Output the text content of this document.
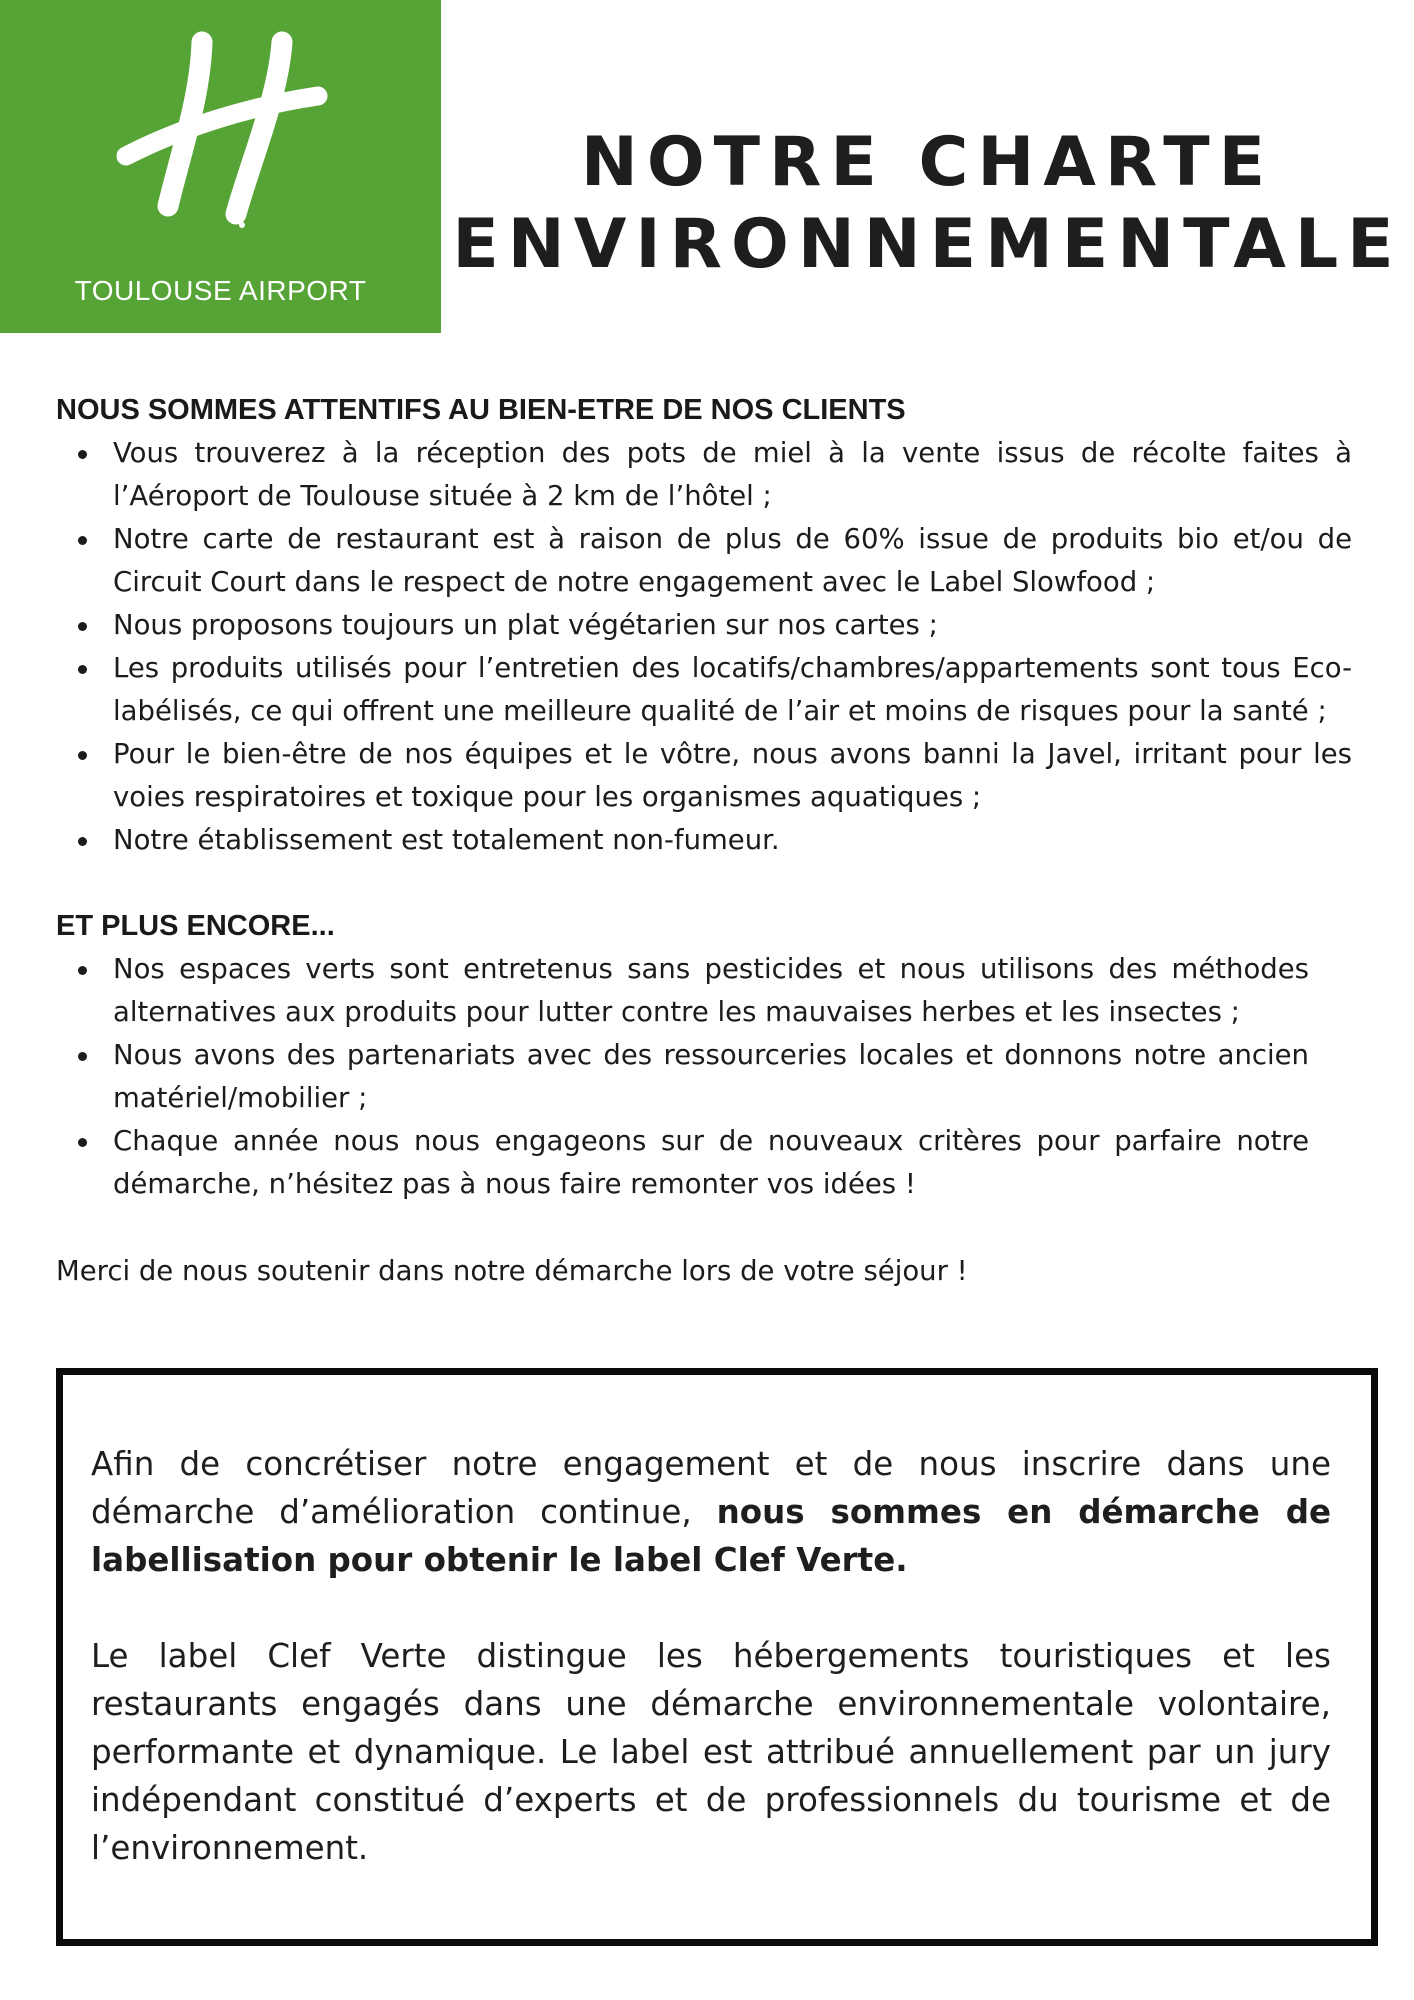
TOULOUSE AIRPORT
NOTRE CHARTE
ENVIRONNEMENTALE
NOUS SOMMES ATTENTIFS AU BIEN-ETRE DE NOS CLIENTS
Vous trouverez à la réception des pots de miel à la vente issus de récolte faites à l’Aéroport de Toulouse située à 2 km de l’hôtel ;
Notre carte de restaurant est à raison de plus de 60% issue de produits bio et/ou de Circuit Court dans le respect de notre engagement avec le Label Slowfood ;
Nous proposons toujours un plat végétarien sur nos cartes ;
Les produits utilisés pour l’entretien des locatifs/chambres/appartements sont tous Eco-labélisés, ce qui offrent une meilleure qualité de l’air et moins de risques pour la santé ;
Pour le bien-être de nos équipes et le vôtre, nous avons banni la Javel, irritant pour les voies respiratoires et toxique pour les organismes aquatiques ;
Notre établissement est totalement non-fumeur.
ET PLUS ENCORE...
Nos espaces verts sont entretenus sans pesticides et nous utilisons des méthodes alternatives aux produits pour lutter contre les mauvaises herbes et les insectes ;
Nous avons des partenariats avec des ressourceries locales et donnons notre ancien matériel/mobilier ;
Chaque année nous nous engageons sur de nouveaux critères pour parfaire notre démarche, n’hésitez pas à nous faire remonter vos idées !
Merci de nous soutenir dans notre démarche lors de votre séjour !

Afin de concrétiser notre engagement et de nous inscrire dans une démarche d’amélioration continue, nous sommes en démarche de labellisation pour obtenir le label Clef Verte.

Le label Clef Verte distingue les hébergements touristiques et les restaurants engagés dans une démarche environnementale volontaire, performante et dynamique. Le label est attribué annuellement par un jury indépendant constitué d’experts et de professionnels du tourisme et de l’environnement.
